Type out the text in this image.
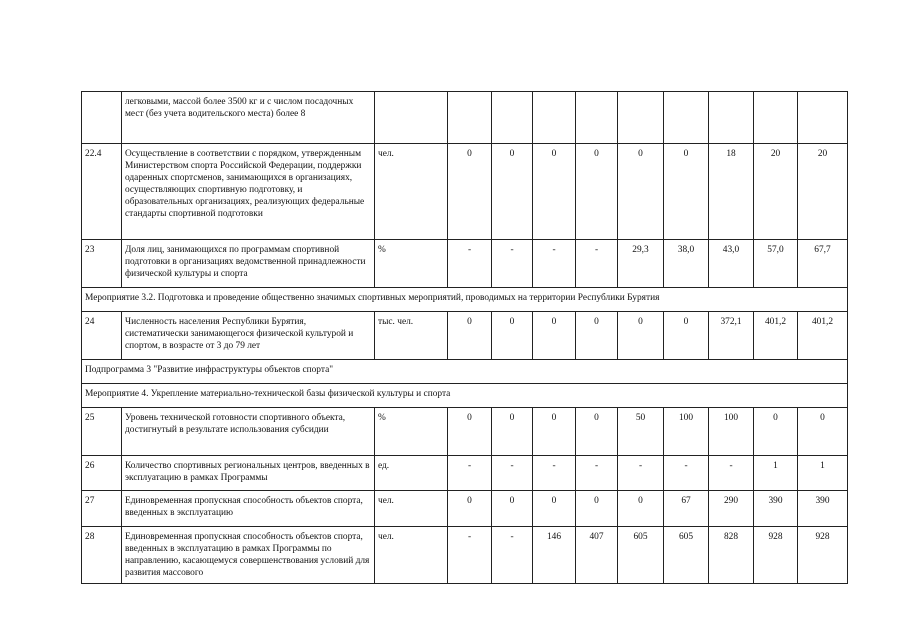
	легковыми, массой более 3500 кг и с числом посадочных мест (без учета водительского места) более 8										
22.4	Осуществление в соответствии с порядком, утвержденным Министерством спорта Российской Федерации, поддержки одаренных спортсменов, занимающихся в организациях, осуществляющих спортивную подготовку, и образовательных организациях, реализующих федеральные стандарты спортивной подготовки	чел.	0	0	0	0	0	0	18	20	20
23	Доля лиц, занимающихся по программам спортивной подготовки в организациях ведомственной принадлежности физической культуры и спорта	%	-	-	-	-	29,3	38,0	43,0	57,0	67,7
Мероприятие 3.2. Подготовка и проведение общественно значимых спортивных мероприятий, проводимых на территории Республики Бурятия											
24	Численность населения Республики Бурятия, систематически занимающегося физической культурой и спортом, в возрасте от 3 до 79 лет	тыс. чел.	0	0	0	0	0	0	372,1	401,2	401,2
Подпрограмма 3 "Развитие инфраструктуры объектов спорта"											
Мероприятие 4. Укрепление материально-технической базы физической культуры и спорта											
25	Уровень технической готовности спортивного объекта, достигнутый в результате использования субсидии	%	0	0	0	0	50	100	100	0	0
26	Количество спортивных региональных центров, введенных в эксплуатацию в рамках Программы	ед.	-	-	-	-	-	-	-	1	1
27	Единовременная пропускная способность объектов спорта, введенных в эксплуатацию	чел.	0	0	0	0	0	67	290	390	390
28	Единовременная пропускная способность объектов спорта, введенных в эксплуатацию в рамках Программы по направлению, касающемуся совершенствования условий для развития массового	чел.	-	-	146	407	605	605	828	928	928
